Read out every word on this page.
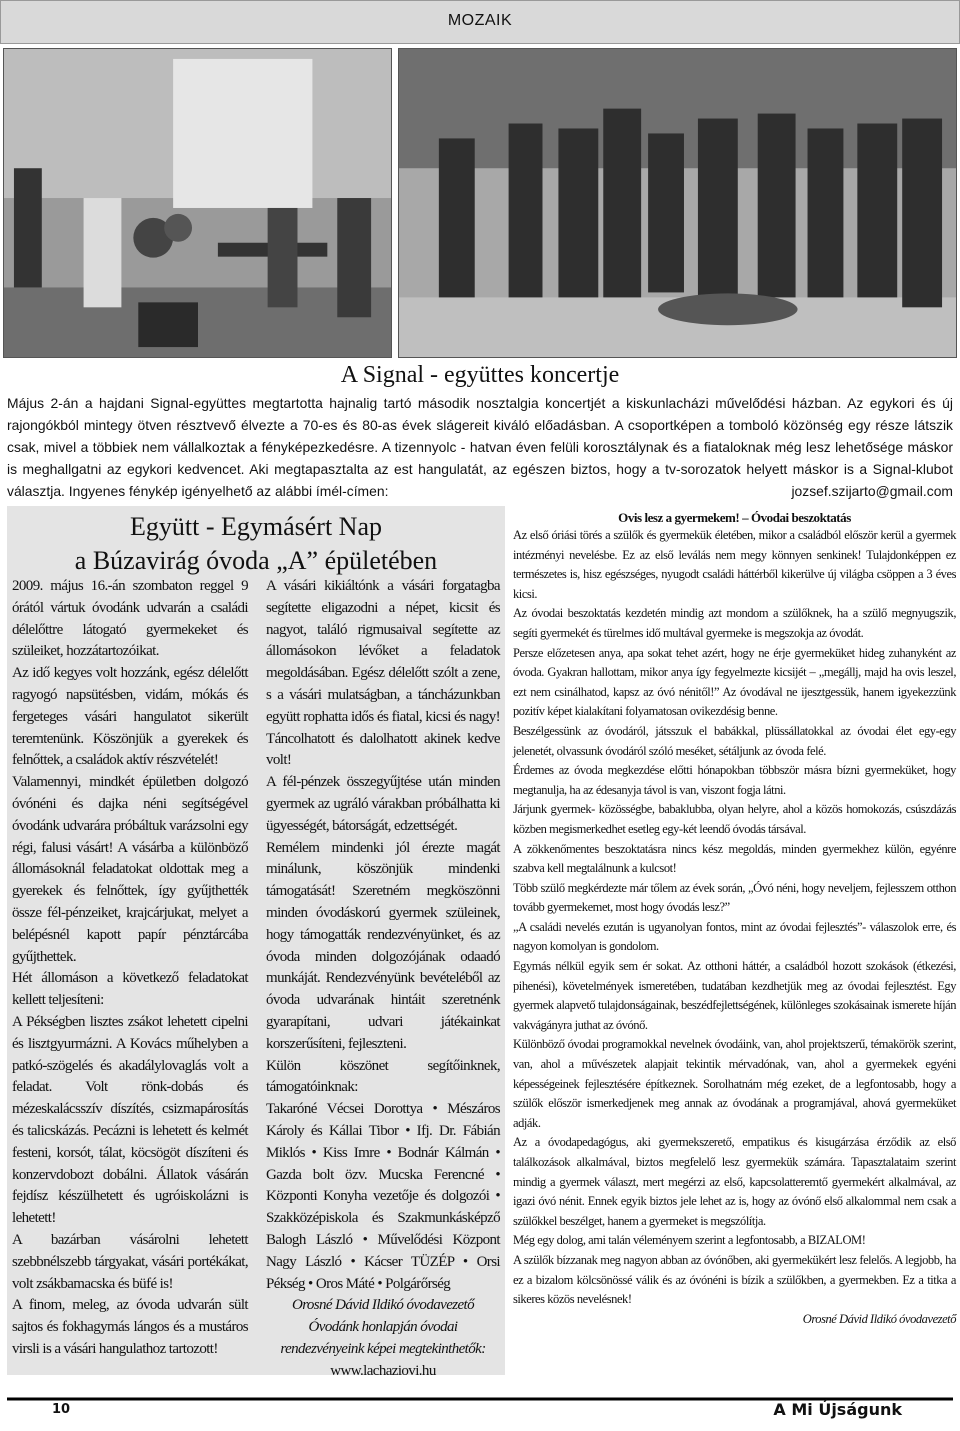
MOZAIK
A Signal - együttes koncertje
Május 2-án a hajdani Signal-együttes megtartotta hajnalig tartó második nosztalgia koncertjét a kiskunlacházi művelődési házban. Az egykori és új rajongókból mintegy ötven résztvevő élvezte a 70-es és 80-as évek slágereit kiváló előadásban. A csoportképen a tomboló közönség egy része látszik csak, mivel a többiek nem vállalkoztak a fényképezkedésre. A tizennyolc - hatvan éven felüli korosztálynak és a fiataloknak még lesz lehetősége máskor is meghallgatni az egykori kedvencet. Aki megtapasztalta az est hangulatát, az egészen biztos, hogy a tv-sorozatok helyett máskor is a Signal-klubot választja. Ingyenes fénykép igényelhető az alábbi ímél-címen:	jozsef.szijarto@gmail.com
Együtt - Egymásért Nap
a Búzavirág óvoda „A” épületében

2009. május 16.-án szombaton reggel 9 órától vártuk óvodánk udvarán a családi délelőttre látogató gyermekeket és szüleiket, hozzátartozóikat.

Az idő kegyes volt hozzánk, egész délelőtt ragyogó napsütésben, vidám, mókás és fergeteges vásári hangulatot sikerült teremtenünk. Köszönjük a gyerekek és felnőttek, a családok aktív részvételét!

Valamennyi, mindkét épületben dolgozó óvónéni és dajka néni segítségével óvodánk udvarára próbáltuk varázsolni egy régi, falusi vásárt! A vásárba a különböző állomásoknál feladatokat oldottak meg a gyerekek és felnőttek, így gyűjthették össze fél-pénzeiket, krajcárjukat, melyet a belépésnél kapott papír pénztárcába gyűjthettek.

Hét állomáson a következő feladatokat kellett teljesíteni:

A Pékségben lisztes zsákot lehetett cipelni és lisztgyurmázni. A Kovács műhelyben a patkó-szögelés és akadálylovaglás volt a feladat. Volt rönk-dobás és mézeskalácsszív díszítés, csizmapárosítás és talicskázás. Pecázni is lehetett és kelmét festeni, korsót, tálat, köcsögöt díszíteni és konzervdobozt dobálni. Állatok vásárán fejdísz készülhetett és ugróiskolázni is lehetett!

A bazárban vásárolni lehetett szebbnélszebb tárgyakat, vásári portékákat, volt zsákbamacska és büfé is!

A finom, meleg, az óvoda udvarán sült sajtos és fokhagymás lángos és a mustáros virsli is a vásári hangulathoz tartozott!

A vásári kikiáltónk a vásári forgatagba segítette eligazodni a népet, kicsit és nagyot, találó rigmusaival segítette az állomásokon lévőket a feladatok megoldásában. Egész délelőtt szólt a zene, s a vásári mulatságban, a táncházunkban együtt rophatta idős és fiatal, kicsi és nagy! Táncolhatott és dalolhatott akinek kedve volt!

A fél-pénzek összegyűjtése után minden gyermek az ugráló várakban próbálhatta ki ügyességét, bátorságát, edzettségét.

Remélem mindenki jól érezte magát minálunk, köszönjük mindenki támogatását! Szeretném megköszönni minden óvodáskorú gyermek szüleinek, hogy támogatták rendezvényünket, és az óvoda minden dolgozójának odaadó munkáját. Rendezvényünk bevételéből az óvoda udvarának hintáit szeretnénk gyarapítani, udvari játékainkat korszerűsíteni, fejleszteni.

Külön köszönet segítőinknek, támogatóinknak:

Takaróné Vécsei Dorottya • Mészáros Károly és Kállai Tibor • Ifj. Dr. Fábián Miklós • Kiss Imre • Bodnár Kálmán • Gazda bolt özv. Mucska Ferencné • Központi Konyha vezetője és dolgozói • Szakközépiskola és Szakmunkásképző Balogh László • Művelődési Központ Nagy László • Kácser TÜZÉP • Orsi Pékség • Oros Máté • Polgárőrség

Orosné Dávid Ildikó óvodavezető

Óvodánk honlapján óvodai rendezvényeink képei megtekinthetők:

www.lachaziovi.hu

Ovis lesz a gyermekem! – Óvodai beszoktatás

Az első óriási törés a szülők és gyermekük életében, mikor a családból először kerül a gyermek intézményi nevelésbe. Ez az első leválás nem megy könnyen senkinek! Tulajdonképpen ez természetes is, hisz egészséges, nyugodt családi háttérből kikerülve új világba csöppen a 3 éves kicsi.

Az óvodai beszoktatás kezdetén mindig azt mondom a szülőknek, ha a szülő megnyugszik, segíti gyermekét és türelmes idő multával gyermeke is megszokja az óvodát.

Persze előzetesen anya, apa sokat tehet azért, hogy ne érje gyermeküket hideg zuhanyként az óvoda. Gyakran hallottam, mikor anya így fegyelmezte kicsijét – „megállj, majd ha ovis leszel, ezt nem csinálhatod, kapsz az óvó nénitől!” Az óvodával ne ijesztgessük, hanem igyekezzünk pozitív képet kialakítani folyamatosan ovikezdésig benne.

Beszélgessünk az óvodáról, játsszuk el babákkal, plüssállatokkal az óvodai élet egy-egy jelenetét, olvassunk óvodáról szóló meséket, sétáljunk az óvoda felé.

Érdemes az óvoda megkezdése előtti hónapokban többször másra bízni gyermeküket, hogy megtanulja, ha az édesanyja távol is van, viszont fogja látni.

Járjunk gyermek- közösségbe, babaklubba, olyan helyre, ahol a közös homokozás, csúszdázás közben megismerkedhet esetleg egy-két leendő óvodás társával.

A zökkenőmentes beszoktatásra nincs kész megoldás, minden gyermekhez külön, egyénre szabva kell megtalálnunk a kulcsot!

Több szülő megkérdezte már tőlem az évek során, „Óvó néni, hogy neveljem, fejlesszem otthon tovább gyermekemet, most hogy óvodás lesz?”

„A családi nevelés ezután is ugyanolyan fontos, mint az óvodai fejlesztés”- válaszolok erre, és nagyon komolyan is gondolom.

Egymás nélkül egyik sem ér sokat. Az otthoni háttér, a családból hozott szokások (étkezési, pihenési), követelmények ismeretében, tudatában kezdhetjük meg az óvodai fejlesztést. Egy gyermek alapvető tulajdonságainak, beszédfejlettségének, különleges szokásainak ismerete híján vakvágányra juthat az óvónő.

Különböző óvodai programokkal nevelnek óvodáink, van, ahol projektszerű, témakörök szerint, van, ahol a művészetek alapjait tekintik mérvadónak, van, ahol a gyermekek egyéni képességeinek fejlesztésére építkeznek. Sorolhatnám még ezeket, de a legfontosabb, hogy a szülők először ismerkedjenek meg annak az óvodának a programjával, ahová gyermeküket adják.

Az a óvodapedagógus, aki gyermekszerető, empatikus és kisugárzása érződik az első találkozások alkalmával, biztos megfelelő lesz gyermekük számára. Tapasztalataim szerint mindig a gyermek választ, mert megérzi az első, kapcsolatteremtő gyermekért alkalmával, az igazi óvó nénit. Ennek egyik biztos jele lehet az is, hogy az óvónő első alkalommal nem csak a szülőkkel beszélget, hanem a gyermeket is megszólítja.

Még egy dolog, ami talán véleményem szerint a legfontosabb, a BIZALOM!

A szülők bízzanak meg nagyon abban az óvónőben, aki gyermekükért lesz felelős. A legjobb, ha ez a bizalom kölcsönössé válik és az óvónéni is bízik a szülőkben, a gyermekben. Ez a titka a sikeres közös nevelésnek!

Orosné Dávid Ildikó óvodavezető

10	A Mi Újságunk
